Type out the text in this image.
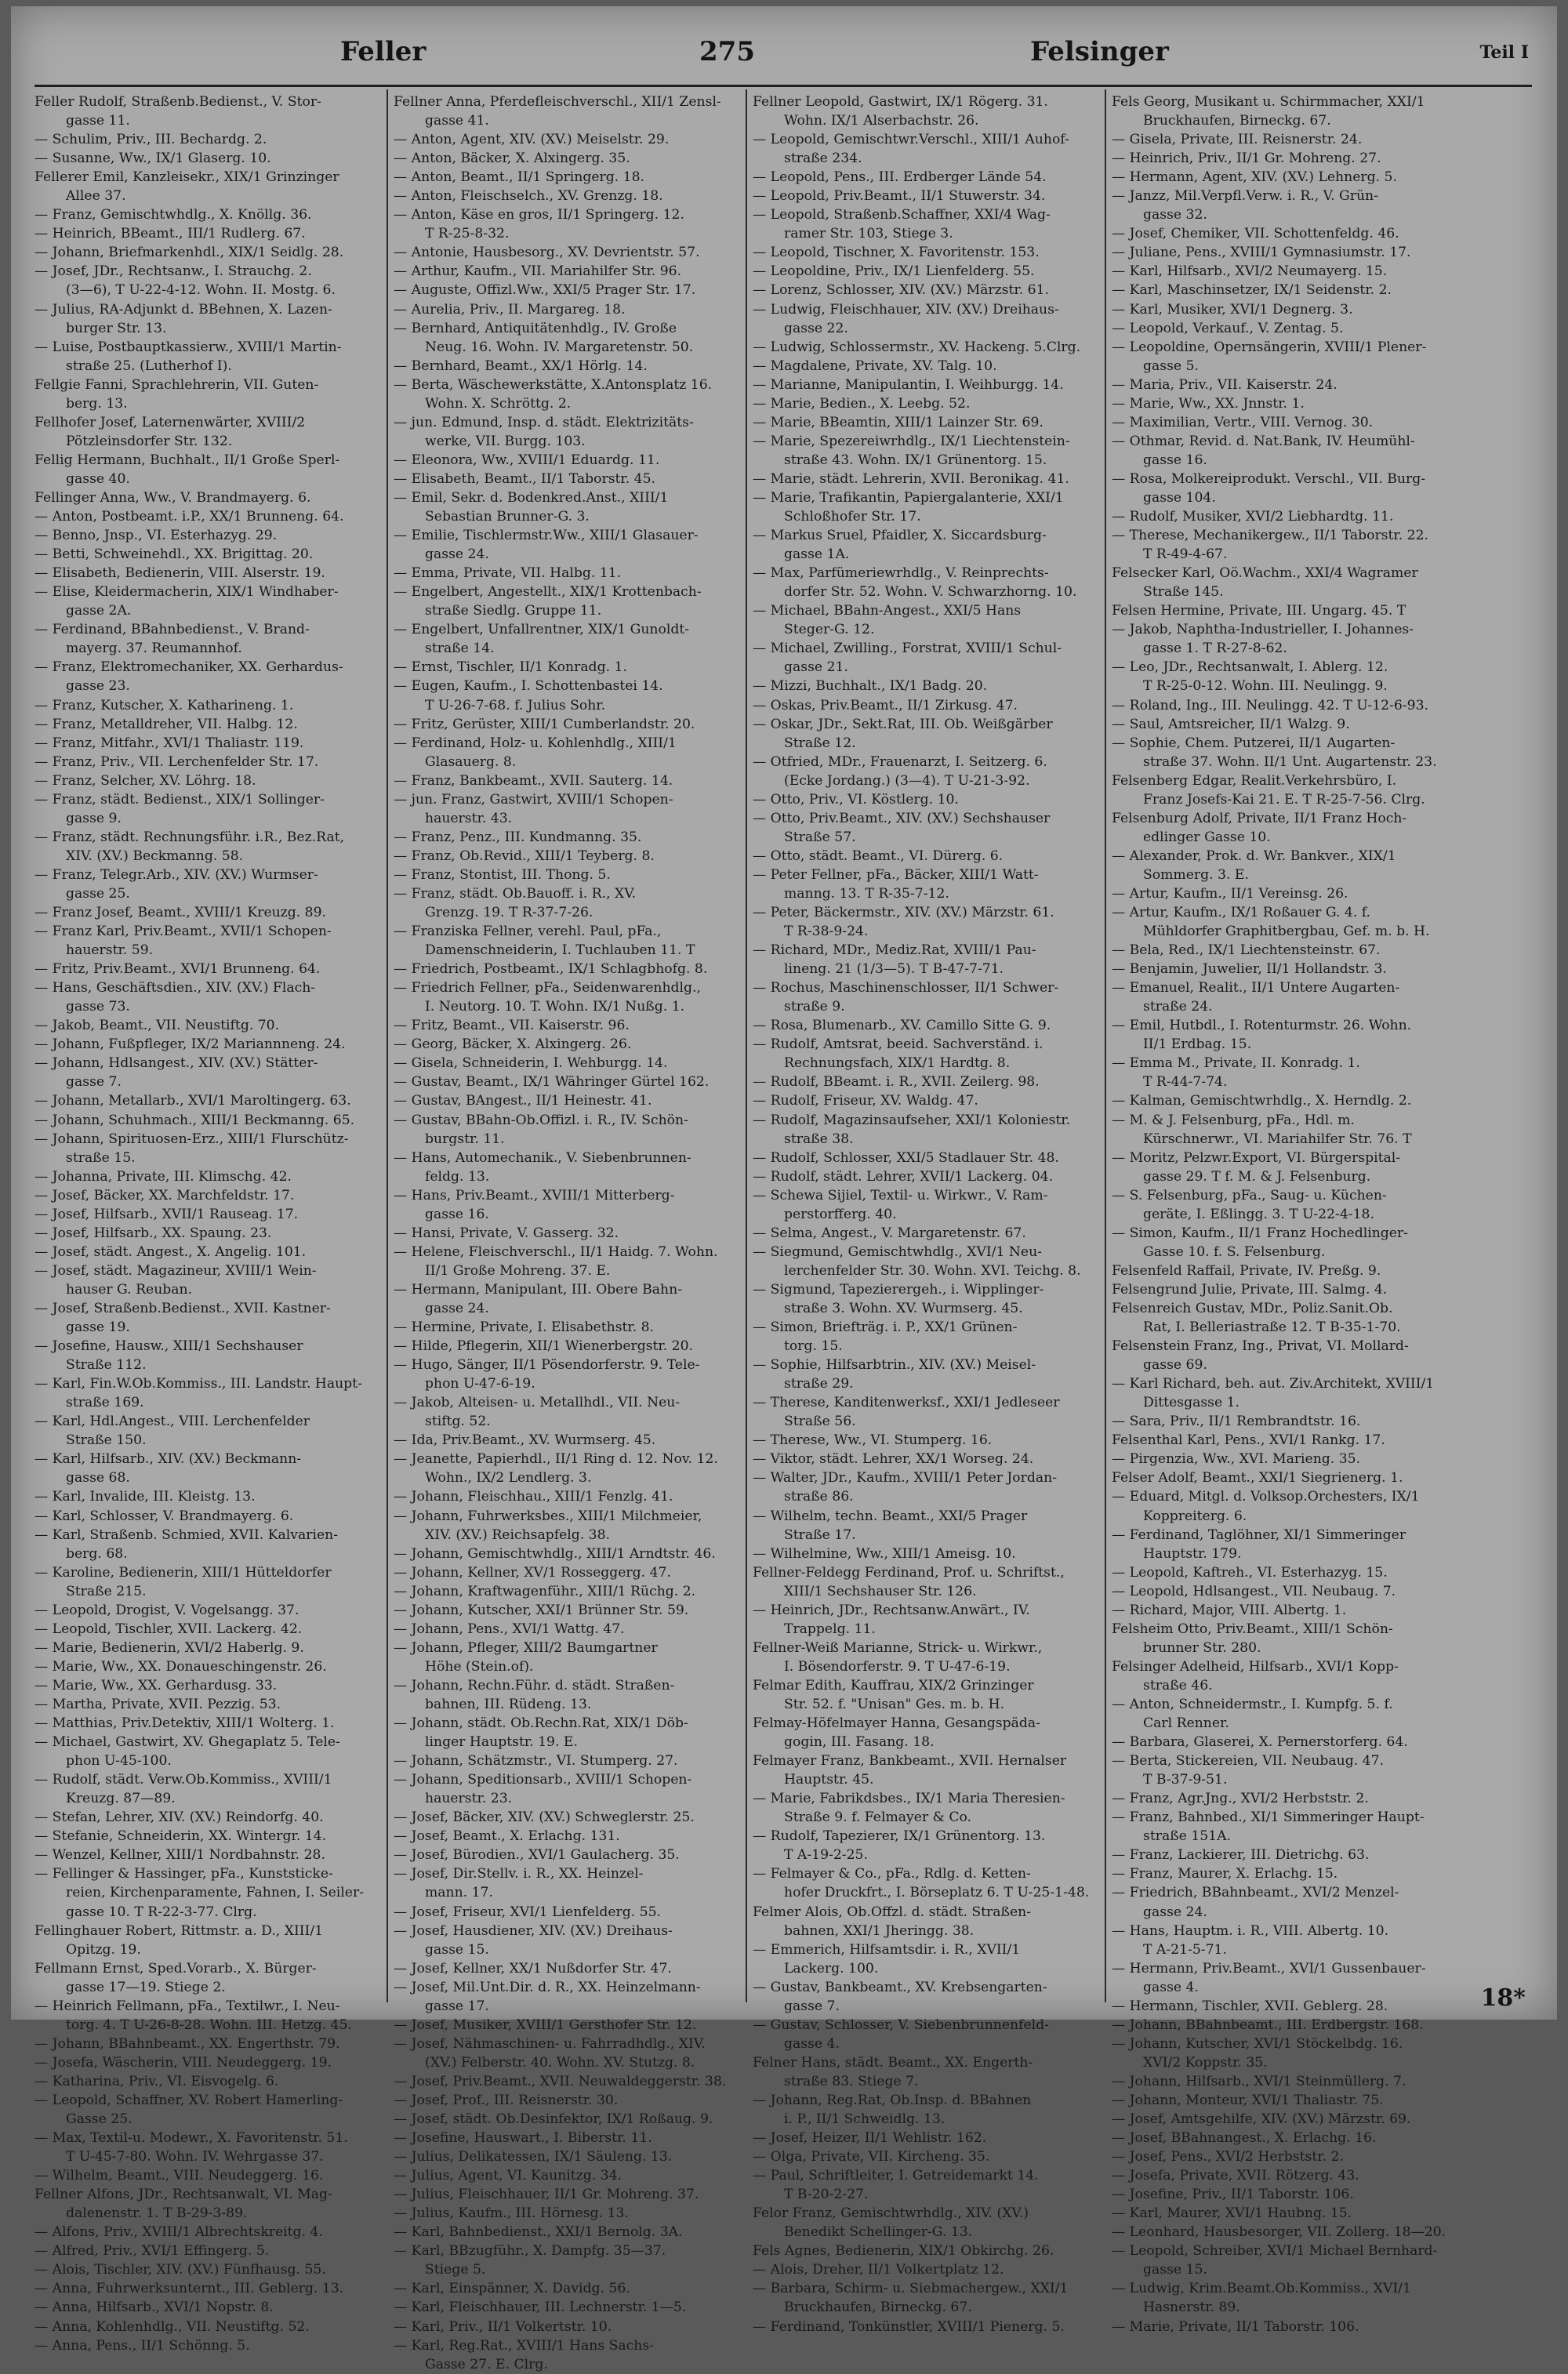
Feller	275	Felsinger	Teil I
Feller Rudolf, Straßenb.Bedienst., V. Stor-
gasse 11.
— Schulim, Priv., III. Bechardg. 2.
— Susanne, Ww., IX/1 Glaserg. 10.
Fellerer Emil, Kanzleisekr., XIX/1 Grinzinger
Allee 37.
— Franz, Gemischtwhdlg., X. Knöllg. 36.
— Heinrich, BBeamt., III/1 Rudlerg. 67.
— Johann, Briefmarkenhdl., XIX/1 Seidlg. 28.
— Josef, JDr., Rechtsanw., I. Strauchg. 2.
(3—6), T U-22-4-12. Wohn. II. Mostg. 6.
— Julius, RA-Adjunkt d. BBehnen, X. Lazen-
burger Str. 13.
— Luise, Postbauptkassierw., XVIII/1 Martin-
straße 25. (Lutherhof I).
Fellgie Fanni, Sprachlehrerin, VII. Guten-
berg. 13.
Fellhofer Josef, Laternenwärter, XVIII/2
Pötzleinsdorfer Str. 132.
Fellig Hermann, Buchhalt., II/1 Große Sperl-
gasse 40.
Fellinger Anna, Ww., V. Brandmayerg. 6.
— Anton, Postbeamt. i.P., XX/1 Brunneng. 64.
— Benno, Jnsp., VI. Esterhazyg. 29.
— Betti, Schweinehdl., XX. Brigittag. 20.
— Elisabeth, Bedienerin, VIII. Alserstr. 19.
— Elise, Kleidermacherin, XIX/1 Windhaber-
gasse 2A.
— Ferdinand, BBahnbedienst., V. Brand-
mayerg. 37. Reumannhof.
— Franz, Elektromechaniker, XX. Gerhardus-
gasse 23.
— Franz, Kutscher, X. Katharineng. 1.
— Franz, Metalldreher, VII. Halbg. 12.
— Franz, Mitfahr., XVI/1 Thaliastr. 119.
— Franz, Priv., VII. Lerchenfelder Str. 17.
— Franz, Selcher, XV. Löhrg. 18.
— Franz, städt. Bedienst., XIX/1 Sollinger-
gasse 9.
— Franz, städt. Rechnungsführ. i.R., Bez.Rat,
XIV. (XV.) Beckmanng. 58.
— Franz, Telegr.Arb., XIV. (XV.) Wurmser-
gasse 25.
— Franz Josef, Beamt., XVIII/1 Kreuzg. 89.
— Franz Karl, Priv.Beamt., XVII/1 Schopen-
hauerstr. 59.
— Fritz, Priv.Beamt., XVI/1 Brunneng. 64.
— Hans, Geschäftsdien., XIV. (XV.) Flach-
gasse 73.
— Jakob, Beamt., VII. Neustiftg. 70.
— Johann, Fußpfleger, IX/2 Mariannneng. 24.
— Johann, Hdlsangest., XIV. (XV.) Stätter-
gasse 7.
— Johann, Metallarb., XVI/1 Maroltingerg. 63.
— Johann, Schuhmach., XIII/1 Beckmanng. 65.
— Johann, Spirituosen-Erz., XIII/1 Flurschütz-
straße 15.
— Johanna, Private, III. Klimschg. 42.
— Josef, Bäcker, XX. Marchfeldstr. 17.
— Josef, Hilfsarb., XVII/1 Rauseag. 17.
— Josef, Hilfsarb., XX. Spaung. 23.
— Josef, städt. Angest., X. Angelig. 101.
— Josef, städt. Magazineur, XVIII/1 Wein-
hauser G. Reuban.
— Josef, Straßenb.Bedienst., XVII. Kastner-
gasse 19.
— Josefine, Hausw., XIII/1 Sechshauser
Straße 112.
— Karl, Fin.W.Ob.Kommiss., III. Landstr. Haupt-
straße 169.
— Karl, Hdl.Angest., VIII. Lerchenfelder
Straße 150.
— Karl, Hilfsarb., XIV. (XV.) Beckmann-
gasse 68.
— Karl, Invalide, III. Kleistg. 13.
— Karl, Schlosser, V. Brandmayerg. 6.
— Karl, Straßenb. Schmied, XVII. Kalvarien-
berg. 68.
— Karoline, Bedienerin, XIII/1 Hütteldorfer
Straße 215.
— Leopold, Drogist, V. Vogelsangg. 37.
— Leopold, Tischler, XVII. Lackerg. 42.
— Marie, Bedienerin, XVI/2 Haberlg. 9.
— Marie, Ww., XX. Donaueschingenstr. 26.
— Marie, Ww., XX. Gerhardusg. 33.
— Martha, Private, XVII. Pezzig. 53.
— Matthias, Priv.Detektiv, XIII/1 Wolterg. 1.
— Michael, Gastwirt, XV. Ghegaplatz 5. Tele-
phon U-45-100.
— Rudolf, städt. Verw.Ob.Kommiss., XVIII/1
Kreuzg. 87—89.
— Stefan, Lehrer, XIV. (XV.) Reindorfg. 40.
— Stefanie, Schneiderin, XX. Wintergr. 14.
— Wenzel, Kellner, XIII/1 Nordbahnstr. 28.
— Fellinger & Hassinger, pFa., Kunststicke-
reien, Kirchenparamente, Fahnen, I. Seiler-
gasse 10. T R-22-3-77. Clrg.
Fellinghauer Robert, Rittmstr. a. D., XIII/1
Opitzg. 19.
Fellmann Ernst, Sped.Vorarb., X. Bürger-
gasse 17—19. Stiege 2.
— Heinrich Fellmann, pFa., Textilwr., I. Neu-
torg. 4. T U-26-8-28. Wohn. III. Hetzg. 45.
— Johann, BBahnbeamt., XX. Engerthstr. 79.
— Josefa, Wäscherin, VIII. Neudeggerg. 19.
— Katharina, Priv., VI. Eisvogelg. 6.
— Leopold, Schaffner, XV. Robert Hamerling-
Gasse 25.
— Max, Textil-u. Modewr., X. Favoritenstr. 51.
T U-45-7-80. Wohn. IV. Wehrgasse 37.
— Wilhelm, Beamt., VIII. Neudeggerg. 16.
Fellner Alfons, JDr., Rechtsanwalt, VI. Mag-
dalenenstr. 1. T B-29-3-89.
— Alfons, Priv., XVIII/1 Albrechtskreitg. 4.
— Alfred, Priv., XVI/1 Effingerg. 5.
— Alois, Tischler, XIV. (XV.) Fünfhausg. 55.
— Anna, Fuhrwerksunternt., III. Geblerg. 13.
— Anna, Hilfsarb., XVI/1 Nopstr. 8.
— Anna, Kohlenhdlg., VII. Neustiftg. 52.
— Anna, Pens., II/1 Schönng. 5.
Fellner Anna, Pferdefleischverschl., XII/1 Zensl-
gasse 41.
— Anton, Agent, XIV. (XV.) Meiselstr. 29.
— Anton, Bäcker, X. Alxingerg. 35.
— Anton, Beamt., II/1 Springerg. 18.
— Anton, Fleischselch., XV. Grenzg. 18.
— Anton, Käse en gros, II/1 Springerg. 12.
T R-25-8-32.
— Antonie, Hausbesorg., XV. Devrientstr. 57.
— Arthur, Kaufm., VII. Mariahilfer Str. 96.
— Auguste, Offizl.Ww., XXI/5 Prager Str. 17.
— Aurelia, Priv., II. Margareg. 18.
— Bernhard, Antiquitätenhdlg., IV. Große
Neug. 16. Wohn. IV. Margaretenstr. 50.
— Bernhard, Beamt., XX/1 Hörlg. 14.
— Berta, Wäschewerkstätte, X.Antonsplatz 16.
Wohn. X. Schröttg. 2.
— jun. Edmund, Insp. d. städt. Elektrizitäts-
werke, VII. Burgg. 103.
— Eleonora, Ww., XVIII/1 Eduardg. 11.
— Elisabeth, Beamt., II/1 Taborstr. 45.
— Emil, Sekr. d. Bodenkred.Anst., XIII/1
Sebastian Brunner-G. 3.
— Emilie, Tischlermstr.Ww., XIII/1 Glasauer-
gasse 24.
— Emma, Private, VII. Halbg. 11.
— Engelbert, Angestellt., XIX/1 Krottenbach-
straße Siedlg. Gruppe 11.
— Engelbert, Unfallrentner, XIX/1 Gunoldt-
straße 14.
— Ernst, Tischler, II/1 Konradg. 1.
— Eugen, Kaufm., I. Schottenbastei 14.
T U-26-7-68. f. Julius Sohr.
— Fritz, Gerüster, XIII/1 Cumberlandstr. 20.
— Ferdinand, Holz- u. Kohlenhdlg., XIII/1
Glasauerg. 8.
— Franz, Bankbeamt., XVII. Sauterg. 14.
— jun. Franz, Gastwirt, XVIII/1 Schopen-
hauerstr. 43.
— Franz, Penz., III. Kundmanng. 35.
— Franz, Ob.Revid., XIII/1 Teyberg. 8.
— Franz, Stontist, III. Thong. 5.
— Franz, städt. Ob.Bauoff. i. R., XV.
Grenzg. 19. T R-37-7-26.
— Franziska Fellner, verehl. Paul, pFa.,
Damenschneiderin, I. Tuchlauben 11. T
— Friedrich, Postbeamt., IX/1 Schlagbhofg. 8.
— Friedrich Fellner, pFa., Seidenwarenhdlg.,
I. Neutorg. 10. T. Wohn. IX/1 Nußg. 1.
— Fritz, Beamt., VII. Kaiserstr. 96.
— Georg, Bäcker, X. Alxingerg. 26.
— Gisela, Schneiderin, I. Wehburgg. 14.
— Gustav, Beamt., IX/1 Währinger Gürtel 162.
— Gustav, BAngest., II/1 Heinestr. 41.
— Gustav, BBahn-Ob.Offizl. i. R., IV. Schön-
burgstr. 11.
— Hans, Automechanik., V. Siebenbrunnen-
feldg. 13.
— Hans, Priv.Beamt., XVIII/1 Mitterberg-
gasse 16.
— Hansi, Private, V. Gasserg. 32.
— Helene, Fleischverschl., II/1 Haidg. 7. Wohn.
II/1 Große Mohreng. 37. E.
— Hermann, Manipulant, III. Obere Bahn-
gasse 24.
— Hermine, Private, I. Elisabethstr. 8.
— Hilde, Pflegerin, XII/1 Wienerbergstr. 20.
— Hugo, Sänger, II/1 Pösendorferstr. 9. Tele-
phon U-47-6-19.
— Jakob, Alteisen- u. Metallhdl., VII. Neu-
stiftg. 52.
— Ida, Priv.Beamt., XV. Wurmserg. 45.
— Jeanette, Papierhdl., II/1 Ring d. 12. Nov. 12.
Wohn., IX/2 Lendlerg. 3.
— Johann, Fleischhau., XIII/1 Fenzlg. 41.
— Johann, Fuhrwerksbes., XIII/1 Milchmeier,
XIV. (XV.) Reichsapfelg. 38.
— Johann, Gemischtwhdlg., XIII/1 Arndtstr. 46.
— Johann, Kellner, XV/1 Rosseggerg. 47.
— Johann, Kraftwagenführ., XIII/1 Rüchg. 2.
— Johann, Kutscher, XXI/1 Brünner Str. 59.
— Johann, Pens., XVI/1 Wattg. 47.
— Johann, Pfleger, XIII/2 Baumgartner
Höhe (Stein.of).
— Johann, Rechn.Führ. d. städt. Straßen-
bahnen, III. Rüdeng. 13.
— Johann, städt. Ob.Rechn.Rat, XIX/1 Döb-
linger Hauptstr. 19. E.
— Johann, Schätzmstr., VI. Stumperg. 27.
— Johann, Speditionsarb., XVIII/1 Schopen-
hauerstr. 23.
— Josef, Bäcker, XIV. (XV.) Schweglerstr. 25.
— Josef, Beamt., X. Erlachg. 131.
— Josef, Bürodien., XVI/1 Gaulacherg. 35.
— Josef, Dir.Stellv. i. R., XX. Heinzel-
mann. 17.
— Josef, Friseur, XVI/1 Lienfelderg. 55.
— Josef, Hausdiener, XIV. (XV.) Dreihaus-
gasse 15.
— Josef, Kellner, XX/1 Nußdorfer Str. 47.
— Josef, Mil.Unt.Dir. d. R., XX. Heinzelmann-
gasse 17.
— Josef, Musiker, XVIII/1 Gersthofer Str. 12.
— Josef, Nähmaschinen- u. Fahrradhdlg., XIV.
(XV.) Felberstr. 40. Wohn. XV. Stutzg. 8.
— Josef, Priv.Beamt., XVII. Neuwaldeggerstr. 38.
— Josef, Prof., III. Reisnerstr. 30.
— Josef, städt. Ob.Desinfektor, IX/1 Roßaug. 9.
— Josefine, Hauswart., I. Biberstr. 11.
— Julius, Delikatessen, IX/1 Säuleng. 13.
— Julius, Agent, VI. Kaunitzg. 34.
— Julius, Fleischhauer, II/1 Gr. Mohreng. 37.
— Julius, Kaufm., III. Hörnesg. 13.
— Karl, Bahnbedienst., XXI/1 Bernolg. 3A.
— Karl, BBzugführ., X. Dampfg. 35—37.
Stiege 5.
— Karl, Einspänner, X. Davidg. 56.
— Karl, Fleischhauer, III. Lechnerstr. 1—5.
— Karl, Priv., II/1 Volkertstr. 10.
— Karl, Reg.Rat., XVIII/1 Hans Sachs-
Gasse 27. E. Clrg.
Fellner Leopold, Gastwirt, IX/1 Rögerg. 31.
Wohn. IX/1 Alserbachstr. 26.
— Leopold, Gemischtwr.Verschl., XIII/1 Auhof-
straße 234.
— Leopold, Pens., III. Erdberger Lände 54.
— Leopold, Priv.Beamt., II/1 Stuwerstr. 34.
— Leopold, Straßenb.Schaffner, XXI/4 Wag-
ramer Str. 103, Stiege 3.
— Leopold, Tischner, X. Favoritenstr. 153.
— Leopoldine, Priv., IX/1 Lienfelderg. 55.
— Lorenz, Schlosser, XIV. (XV.) Märzstr. 61.
— Ludwig, Fleischhauer, XIV. (XV.) Dreihaus-
gasse 22.
— Ludwig, Schlossermstr., XV. Hackeng. 5.Clrg.
— Magdalene, Private, XV. Talg. 10.
— Marianne, Manipulantin, I. Weihburgg. 14.
— Marie, Bedien., X. Leebg. 52.
— Marie, BBeamtin, XIII/1 Lainzer Str. 69.
— Marie, Spezereiwrhdlg., IX/1 Liechtenstein-
straße 43. Wohn. IX/1 Grünentorg. 15.
— Marie, städt. Lehrerin, XVII. Beronikag. 41.
— Marie, Trafikantin, Papiergalanterie, XXI/1
Schloßhofer Str. 17.
— Markus Sruel, Pfaidler, X. Siccardsburg-
gasse 1A.
— Max, Parfümeriewrhdlg., V. Reinprechts-
dorfer Str. 52. Wohn. V. Schwarzhorng. 10.
— Michael, BBahn-Angest., XXI/5 Hans
Steger-G. 12.
— Michael, Zwilling., Forstrat, XVIII/1 Schul-
gasse 21.
— Mizzi, Buchhalt., IX/1 Badg. 20.
— Oskas, Priv.Beamt., II/1 Zirkusg. 47.
— Oskar, JDr., Sekt.Rat, III. Ob. Weißgärber
Straße 12.
— Otfried, MDr., Frauenarzt, I. Seitzerg. 6.
(Ecke Jordang.) (3—4). T U-21-3-92.
— Otto, Priv., VI. Köstlerg. 10.
— Otto, Priv.Beamt., XIV. (XV.) Sechshauser
Straße 57.
— Otto, städt. Beamt., VI. Dürerg. 6.
— Peter Fellner, pFa., Bäcker, XIII/1 Watt-
manng. 13. T R-35-7-12.
— Peter, Bäckermstr., XIV. (XV.) Märzstr. 61.
T R-38-9-24.
— Richard, MDr., Mediz.Rat, XVIII/1 Pau-
lineng. 21 (1/3—5). T B-47-7-71.
— Rochus, Maschinenschlosser, II/1 Schwer-
straße 9.
— Rosa, Blumenarb., XV. Camillo Sitte G. 9.
— Rudolf, Amtsrat, beeid. Sachverständ. i.
Rechnungsfach, XIX/1 Hardtg. 8.
— Rudolf, BBeamt. i. R., XVII. Zeilerg. 98.
— Rudolf, Friseur, XV. Waldg. 47.
— Rudolf, Magazinsaufseher, XXI/1 Koloniestr.
straße 38.
— Rudolf, Schlosser, XXI/5 Stadlauer Str. 48.
— Rudolf, städt. Lehrer, XVII/1 Lackerg. 04.
— Schewa Sijiel, Textil- u. Wirkwr., V. Ram-
perstorfferg. 40.
— Selma, Angest., V. Margaretenstr. 67.
— Siegmund, Gemischtwhdlg., XVI/1 Neu-
lerchenfelder Str. 30. Wohn. XVI. Teichg. 8.
— Sigmund, Tapezierergeh., i. Wipplinger-
straße 3. Wohn. XV. Wurmserg. 45.
— Simon, Briefträg. i. P., XX/1 Grünen-
torg. 15.
— Sophie, Hilfsarbtrin., XIV. (XV.) Meisel-
straße 29.
— Therese, Kanditenwerksf., XXI/1 Jedleseer
Straße 56.
— Therese, Ww., VI. Stumperg. 16.
— Viktor, städt. Lehrer, XX/1 Worseg. 24.
— Walter, JDr., Kaufm., XVIII/1 Peter Jordan-
straße 86.
— Wilhelm, techn. Beamt., XXI/5 Prager
Straße 17.
— Wilhelmine, Ww., XIII/1 Ameisg. 10.
Fellner-Feldegg Ferdinand, Prof. u. Schriftst.,
XIII/1 Sechshauser Str. 126.
— Heinrich, JDr., Rechtsanw.Anwärt., IV.
Trappelg. 11.
Fellner-Weiß Marianne, Strick- u. Wirkwr.,
I. Bösendorferstr. 9. T U-47-6-19.
Felmar Edith, Kauffrau, XIX/2 Grinzinger
Str. 52. f. "Unisan" Ges. m. b. H.
Felmay-Höfelmayer Hanna, Gesangspäda-
gogin, III. Fasang. 18.
Felmayer Franz, Bankbeamt., XVII. Hernalser
Hauptstr. 45.
— Marie, Fabrikdsbes., IX/1 Maria Theresien-
Straße 9. f. Felmayer & Co.
— Rudolf, Tapezierer, IX/1 Grünentorg. 13.
T A-19-2-25.
— Felmayer & Co., pFa., Rdlg. d. Ketten-
hofer Druckfrt., I. Börseplatz 6. T U-25-1-48.
Felmer Alois, Ob.Offzl. d. städt. Straßen-
bahnen, XXI/1 Jheringg. 38.
— Emmerich, Hilfsamtsdir. i. R., XVII/1
Lackerg. 100.
— Gustav, Bankbeamt., XV. Krebsengarten-
gasse 7.
— Gustav, Schlosser, V. Siebenbrunnenfeld-
gasse 4.
Felner Hans, städt. Beamt., XX. Engerth-
straße 83. Stiege 7.
— Johann, Reg.Rat, Ob.Insp. d. BBahnen
i. P., II/1 Schweidlg. 13.
— Josef, Heizer, II/1 Wehlistr. 162.
— Olga, Private, VII. Kircheng. 35.
— Paul, Schriftleiter, I. Getreidemarkt 14.
T B-20-2-27.
Felor Franz, Gemischtwrhdlg., XIV. (XV.)
Benedikt Schellinger-G. 13.
Fels Agnes, Bedienerin, XIX/1 Obkirchg. 26.
— Alois, Dreher, II/1 Volkertplatz 12.
— Barbara, Schirm- u. Siebmachergew., XXI/1
Bruckhaufen, Birneckg. 67.
— Ferdinand, Tonkünstler, XVIII/1 Pienerg. 5.
Fels Georg, Musikant u. Schirmmacher, XXI/1
Bruckhaufen, Birneckg. 67.
— Gisela, Private, III. Reisnerstr. 24.
— Heinrich, Priv., II/1 Gr. Mohreng. 27.
— Hermann, Agent, XIV. (XV.) Lehnerg. 5.
— Janzz, Mil.Verpfl.Verw. i. R., V. Grün-
gasse 32.
— Josef, Chemiker, VII. Schottenfeldg. 46.
— Juliane, Pens., XVIII/1 Gymnasiumstr. 17.
— Karl, Hilfsarb., XVI/2 Neumayerg. 15.
— Karl, Maschinsetzer, IX/1 Seidenstr. 2.
— Karl, Musiker, XVI/1 Degnerg. 3.
— Leopold, Verkauf., V. Zentag. 5.
— Leopoldine, Opernsängerin, XVIII/1 Plener-
gasse 5.
— Maria, Priv., VII. Kaiserstr. 24.
— Marie, Ww., XX. Jnnstr. 1.
— Maximilian, Vertr., VIII. Vernog. 30.
— Othmar, Revid. d. Nat.Bank, IV. Heumühl-
gasse 16.
— Rosa, Molkereiprodukt. Verschl., VII. Burg-
gasse 104.
— Rudolf, Musiker, XVI/2 Liebhardtg. 11.
— Therese, Mechanikergew., II/1 Taborstr. 22.
T R-49-4-67.
Felsecker Karl, Oö.Wachm., XXI/4 Wagramer
Straße 145.
Felsen Hermine, Private, III. Ungarg. 45. T
— Jakob, Naphtha-Industrieller, I. Johannes-
gasse 1. T R-27-8-62.
— Leo, JDr., Rechtsanwalt, I. Ablerg. 12.
T R-25-0-12. Wohn. III. Neulingg. 9.
— Roland, Ing., III. Neulingg. 42. T U-12-6-93.
— Saul, Amtsreicher, II/1 Walzg. 9.
— Sophie, Chem. Putzerei, II/1 Augarten-
straße 37. Wohn. II/1 Unt. Augartenstr. 23.
Felsenberg Edgar, Realit.Verkehrsbüro, I.
Franz Josefs-Kai 21. E. T R-25-7-56. Clrg.
Felsenburg Adolf, Private, II/1 Franz Hoch-
edlinger Gasse 10.
— Alexander, Prok. d. Wr. Bankver., XIX/1
Sommerg. 3. E.
— Artur, Kaufm., II/1 Vereinsg. 26.
— Artur, Kaufm., IX/1 Roßauer G. 4. f.
Mühldorfer Graphitbergbau, Gef. m. b. H.
— Bela, Red., IX/1 Liechtensteinstr. 67.
— Benjamin, Juwelier, II/1 Hollandstr. 3.
— Emanuel, Realit., II/1 Untere Augarten-
straße 24.
— Emil, Hutbdl., I. Rotenturmstr. 26. Wohn.
II/1 Erdbag. 15.
— Emma M., Private, II. Konradg. 1.
T R-44-7-74.
— Kalman, Gemischtwrhdlg., X. Herndlg. 2.
— M. & J. Felsenburg, pFa., Hdl. m.
Kürschnerwr., VI. Mariahilfer Str. 76. T
— Moritz, Pelzwr.Export, VI. Bürgerspital-
gasse 29. T f. M. & J. Felsenburg.
— S. Felsenburg, pFa., Saug- u. Küchen-
geräte, I. Eßlingg. 3. T U-22-4-18.
— Simon, Kaufm., II/1 Franz Hochedlinger-
Gasse 10. f. S. Felsenburg.
Felsenfeld Raffail, Private, IV. Preßg. 9.
Felsengrund Julie, Private, III. Salmg. 4.
Felsenreich Gustav, MDr., Poliz.Sanit.Ob.
Rat, I. Belleriastraße 12. T B-35-1-70.
Felsenstein Franz, Ing., Privat, VI. Mollard-
gasse 69.
— Karl Richard, beh. aut. Ziv.Architekt, XVIII/1
Dittesgasse 1.
— Sara, Priv., II/1 Rembrandtstr. 16.
Felsenthal Karl, Pens., XVI/1 Rankg. 17.
— Pirgenzia, Ww., XVI. Marieng. 35.
Felser Adolf, Beamt., XXI/1 Siegrienerg. 1.
— Eduard, Mitgl. d. Volksop.Orchesters, IX/1
Koppreiterg. 6.
— Ferdinand, Taglöhner, XI/1 Simmeringer
Hauptstr. 179.
— Leopold, Kaftreh., VI. Esterhazyg. 15.
— Leopold, Hdlsangest., VII. Neubaug. 7.
— Richard, Major, VIII. Albertg. 1.
Felsheim Otto, Priv.Beamt., XIII/1 Schön-
brunner Str. 280.
Felsinger Adelheid, Hilfsarb., XVI/1 Kopp-
straße 46.
— Anton, Schneidermstr., I. Kumpfg. 5. f.
Carl Renner.
— Barbara, Glaserei, X. Pernerstorferg. 64.
— Berta, Stickereien, VII. Neubaug. 47.
T B-37-9-51.
— Franz, Agr.Jng., XVI/2 Herbststr. 2.
— Franz, Bahnbed., XI/1 Simmeringer Haupt-
straße 151A.
— Franz, Lackierer, III. Dietrichg. 63.
— Franz, Maurer, X. Erlachg. 15.
— Friedrich, BBahnbeamt., XVI/2 Menzel-
gasse 24.
— Hans, Hauptm. i. R., VIII. Albertg. 10.
T A-21-5-71.
— Hermann, Priv.Beamt., XVI/1 Gussenbauer-
gasse 4.
— Hermann, Tischler, XVII. Geblerg. 28.
— Johann, BBahnbeamt., III. Erdbergstr. 168.
— Johann, Kutscher, XVI/1 Stöckelbdg. 16.
XVI/2 Koppstr. 35.
— Johann, Hilfsarb., XVI/1 Steinmüllerg. 7.
— Johann, Monteur, XVI/1 Thaliastr. 75.
— Josef, Amtsgehilfe, XIV. (XV.) Märzstr. 69.
— Josef, BBahnangest., X. Erlachg. 16.
— Josef, Pens., XVI/2 Herbststr. 2.
— Josefa, Private, XVII. Rötzerg. 43.
— Josefine, Priv., II/1 Taborstr. 106.
— Karl, Maurer, XVI/1 Haubng. 15.
— Leonhard, Hausbesorger, VII. Zollerg. 18—20.
— Leopold, Schreiber, XVI/1 Michael Bernhard-
gasse 15.
— Ludwig, Krim.Beamt.Ob.Kommiss., XVI/1
Hasnerstr. 89.
— Marie, Private, II/1 Taborstr. 106.
18*
